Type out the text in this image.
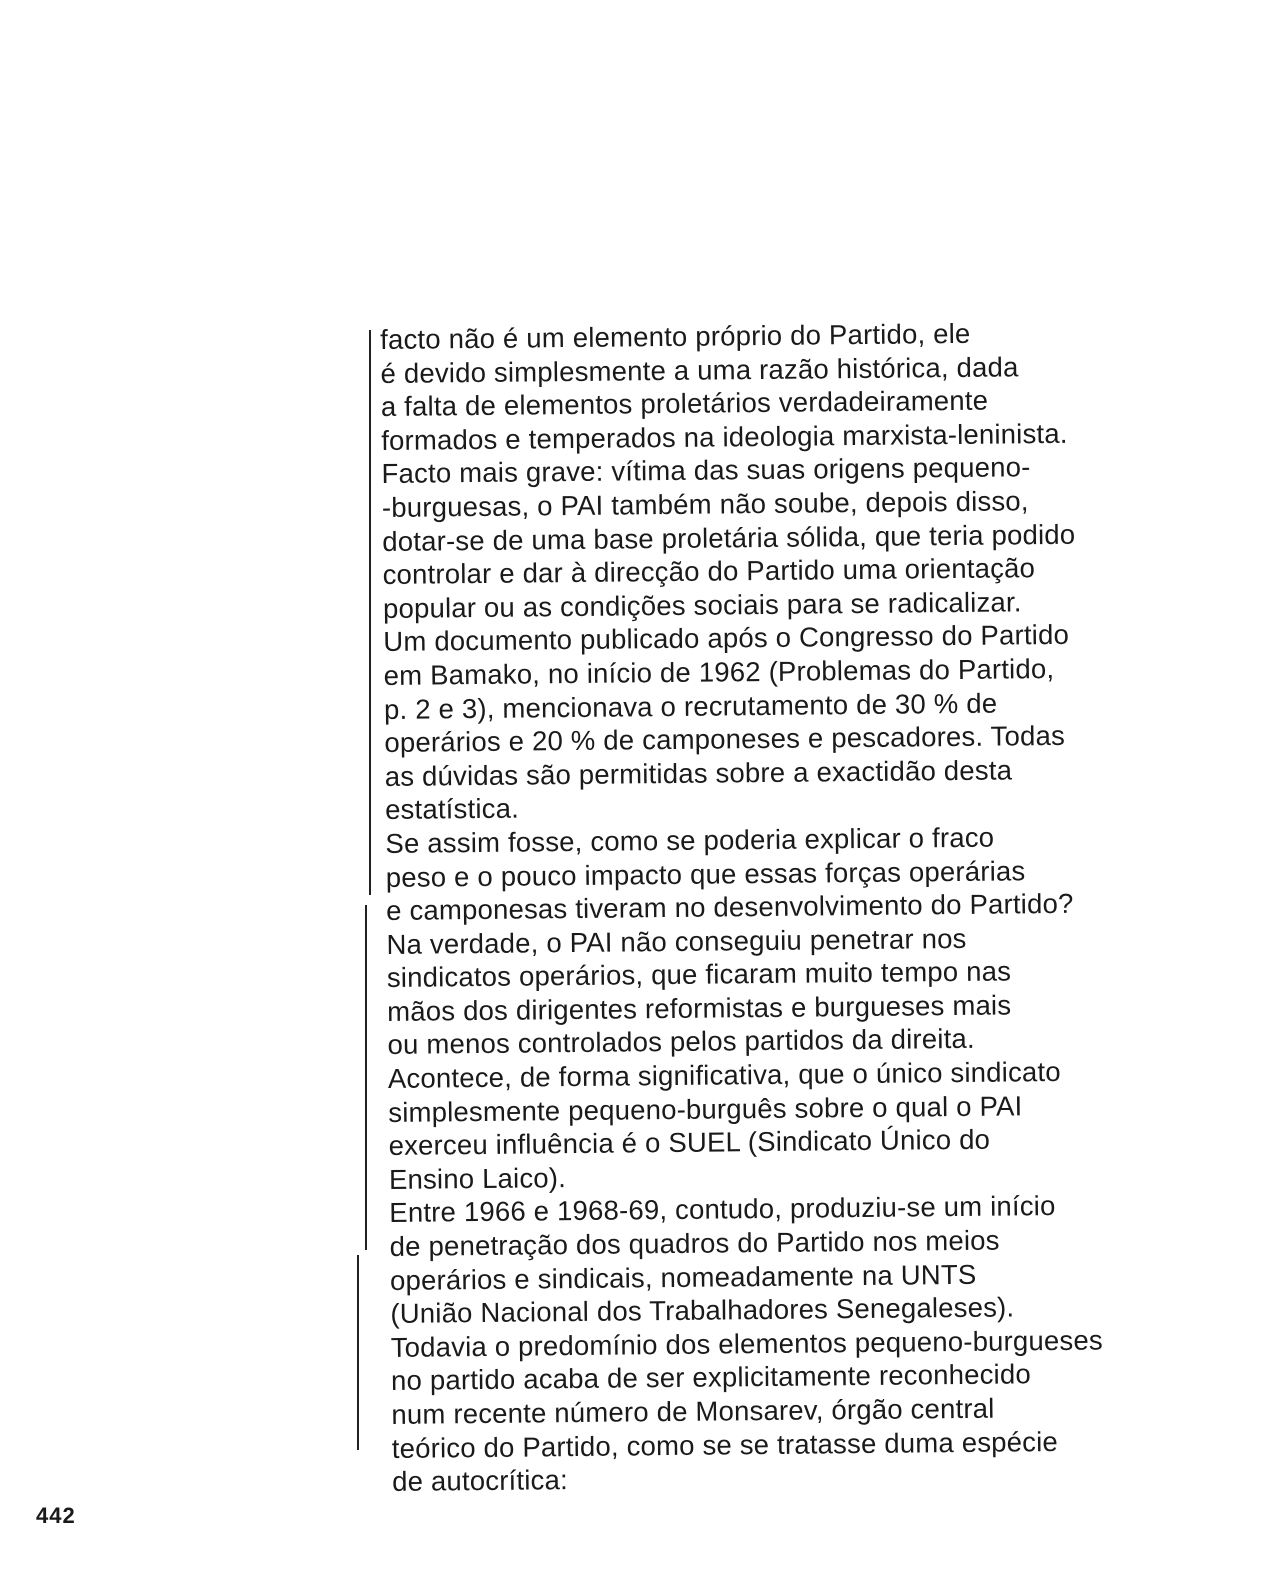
facto não é um elemento próprio do Partido, ele
é devido simplesmente a uma razão histórica, dada
a falta de elementos proletários verdadeiramente
formados e temperados na ideologia marxista-leninista.
Facto mais grave: vítima das suas origens pequeno-
-burguesas, o PAI também não soube, depois disso,
dotar-se de uma base proletária sólida, que teria podido
controlar e dar à direcção do Partido uma orientação
popular ou as condições sociais para se radicalizar.
Um documento publicado após o Congresso do Partido
em Bamako, no início de 1962 (Problemas do Partido,
p. 2 e 3), mencionava o recrutamento de 30 % de
operários e 20 % de camponeses e pescadores. Todas
as dúvidas são permitidas sobre a exactidão desta
estatística.
Se assim fosse, como se poderia explicar o fraco
peso e o pouco impacto que essas forças operárias
e camponesas tiveram no desenvolvimento do Partido?
Na verdade, o PAI não conseguiu penetrar nos
sindicatos operários, que ficaram muito tempo nas
mãos dos dirigentes reformistas e burgueses mais
ou menos controlados pelos partidos da direita.
Acontece, de forma significativa, que o único sindicato
simplesmente pequeno-burguês sobre o qual o PAI
exerceu influência é o SUEL (Sindicato Único do
Ensino Laico).
Entre 1966 e 1968-69, contudo, produziu-se um início
de penetração dos quadros do Partido nos meios
operários e sindicais, nomeadamente na UNTS
(União Nacional dos Trabalhadores Senegaleses).
Todavia o predomínio dos elementos pequeno-burgueses
no partido acaba de ser explicitamente reconhecido
num recente número de Monsarev, órgão central
teórico do Partido, como se se tratasse duma espécie
de autocrítica:
442
